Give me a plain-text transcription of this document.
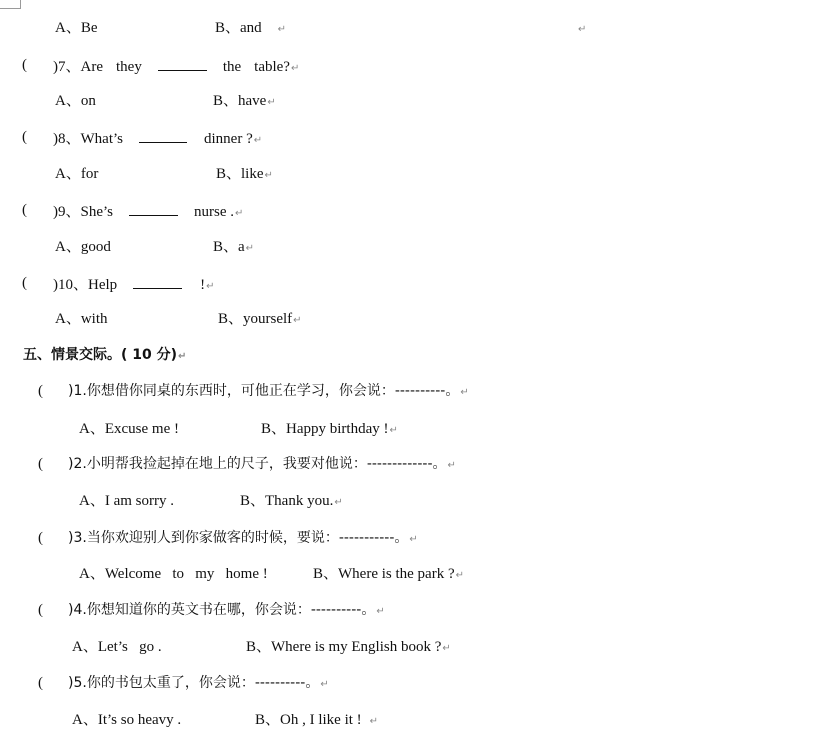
A、Be	B、and ↵	↵
( )7、Are they	the table?↵
A、on	B、have↵
( )8、What’s	dinner ?↵
A、for	B、like↵
( )9、She’s	nurse .↵
A、good	B、a↵
( )10、Help	!↵
A、with	B、yourself↵
五、情景交际。( 10 分)↵
( )1.你想借你同桌的东西时，可他正在学习，你会说：----------。↵
A、Excuse me !	B、Happy birthday !↵
( )2.小明帮我捡起掉在地上的尺子，我要对他说：-------------。↵
A、I am sorry .	B、Thank you.↵
( )3.当你欢迎别人到你家做客的时候，要说：-----------。↵
A、Welcome   to   my   home !	B、Where is the park ?↵
( )4.你想知道你的英文书在哪，你会说：----------。↵
A、Let’s   go .	B、Where is my English book ?↵
( )5.你的书包太重了，你会说：----------。↵
A、It’s so heavy .	B、Oh , I like it ! ↵
